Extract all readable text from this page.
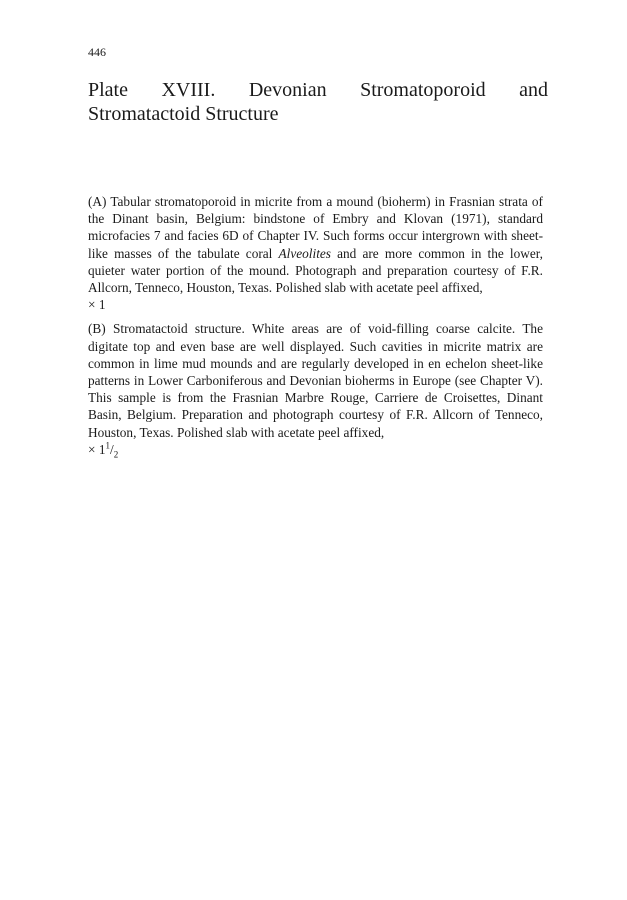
446
Plate XVIII. Devonian Stromatoporoid and Stromatactoid Structure

(A) Tabular stromatoporoid in micrite from a mound (bioherm) in Frasnian strata of the Dinant basin, Belgium: bindstone of Embry and Klovan (1971), standard microfacies 7 and facies 6D of Chapter IV. Such forms occur intergrown with sheet-like masses of the tabulate coral Alveolites and are more common in the lower, quieter water portion of the mound. Photograph and preparation courtesy of F.R. Allcorn, Tenneco, Houston, Texas. Polished slab with acetate peel affixed,
× 1

(B) Stromatactoid structure. White areas are of void-filling coarse calcite. The digitate top and even base are well displayed. Such cavities in micrite matrix are common in lime mud mounds and are regularly developed in en echelon sheet-like patterns in Lower Carboniferous and Devonian bioherms in Europe (see Chapter V). This sample is from the Frasnian Marbre Rouge, Carriere de Croisettes, Dinant Basin, Belgium. Preparation and photograph courtesy of F.R. Allcorn of Tenneco, Houston, Texas. Polished slab with acetate peel affixed,
× $1^1/_2$
